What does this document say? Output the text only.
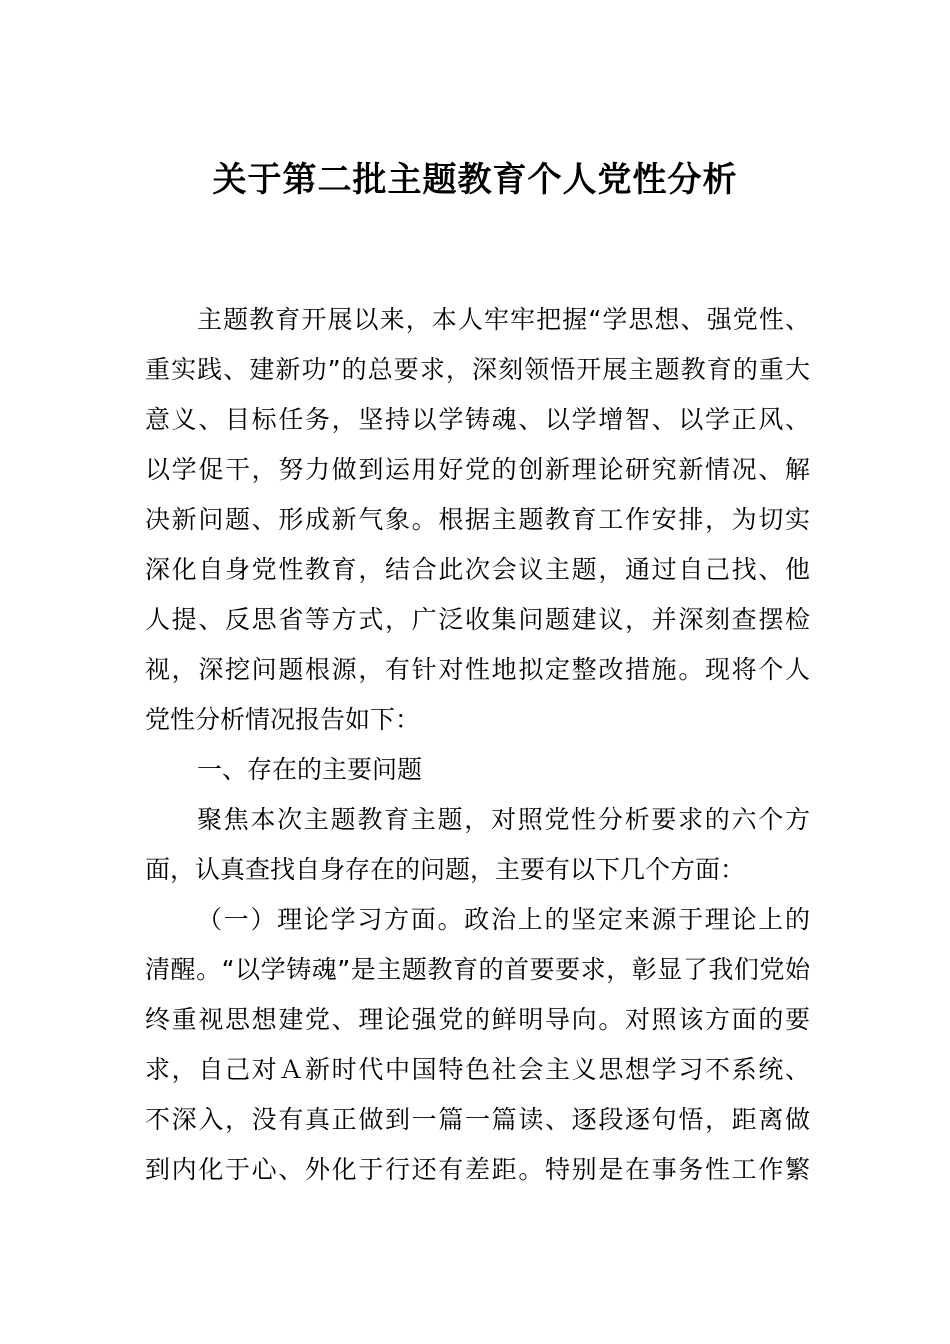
关于第二批主题教育个人党性分析
主题教育开展以来，本人牢牢把握“学思想、强党性、
重实践、建新功”的总要求，深刻领悟开展主题教育的重大
意义、目标任务，坚持以学铸魂、以学增智、以学正风、
以学促干，努力做到运用好党的创新理论研究新情况、解
决新问题、形成新气象。根据主题教育工作安排，为切实
深化自身党性教育，结合此次会议主题，通过自己找、他
人提、反思省等方式，广泛收集问题建议，并深刻查摆检
视，深挖问题根源，有针对性地拟定整改措施。现将个人
党性分析情况报告如下：
一、存在的主要问题
聚焦本次主题教育主题，对照党性分析要求的六个方
面，认真查找自身存在的问题，主要有以下几个方面：
（一）理论学习方面。政治上的坚定来源于理论上的
清醒。“以学铸魂”是主题教育的首要要求，彰显了我们党始
终重视思想建党、理论强党的鲜明导向。对照该方面的要
求，自己对Ａ新时代中国特色社会主义思想学习不系统、
不深入，没有真正做到一篇一篇读、逐段逐句悟，距离做
到内化于心、外化于行还有差距。特别是在事务性工作繁
